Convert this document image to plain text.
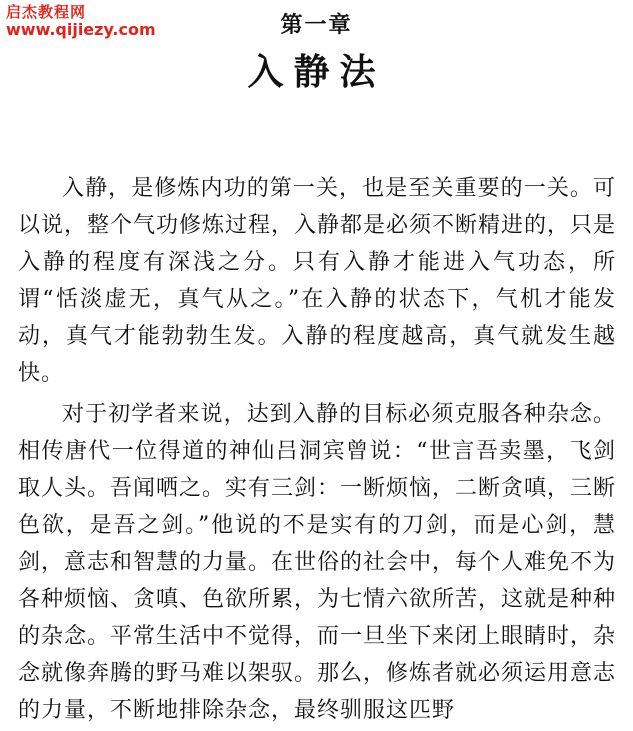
启杰教程网
www.qijiezy.com	第一章
入静法

入静，是修炼内功的第一关，也是至关重要的一关。可以说，整个气功修炼过程，入静都是必须不断精进的，只是入静的程度有深浅之分。只有入静才能进入气功态，所谓“恬淡虚无，真气从之。”在入静的状态下，气机才能发动，真气才能勃勃生发。入静的程度越高，真气就发生越快。

对于初学者来说，达到入静的目标必须克服各种杂念。相传唐代一位得道的神仙吕洞宾曾说：“世言吾卖墨，飞剑取人头。吾闻哂之。实有三剑：一断烦恼，二断贪嗔，三断色欲，是吾之剑。”他说的不是实有的刀剑，而是心剑，慧剑，意志和智慧的力量。在世俗的社会中，每个人难免不为各种烦恼、贪嗔、色欲所累，为七情六欲所苦，这就是种种的杂念。平常生活中不觉得，而一旦坐下来闭上眼睛时，杂念就像奔腾的野马难以架驭。那么，修炼者就必须运用意志的力量，不断地排除杂念，最终驯服这匹野
